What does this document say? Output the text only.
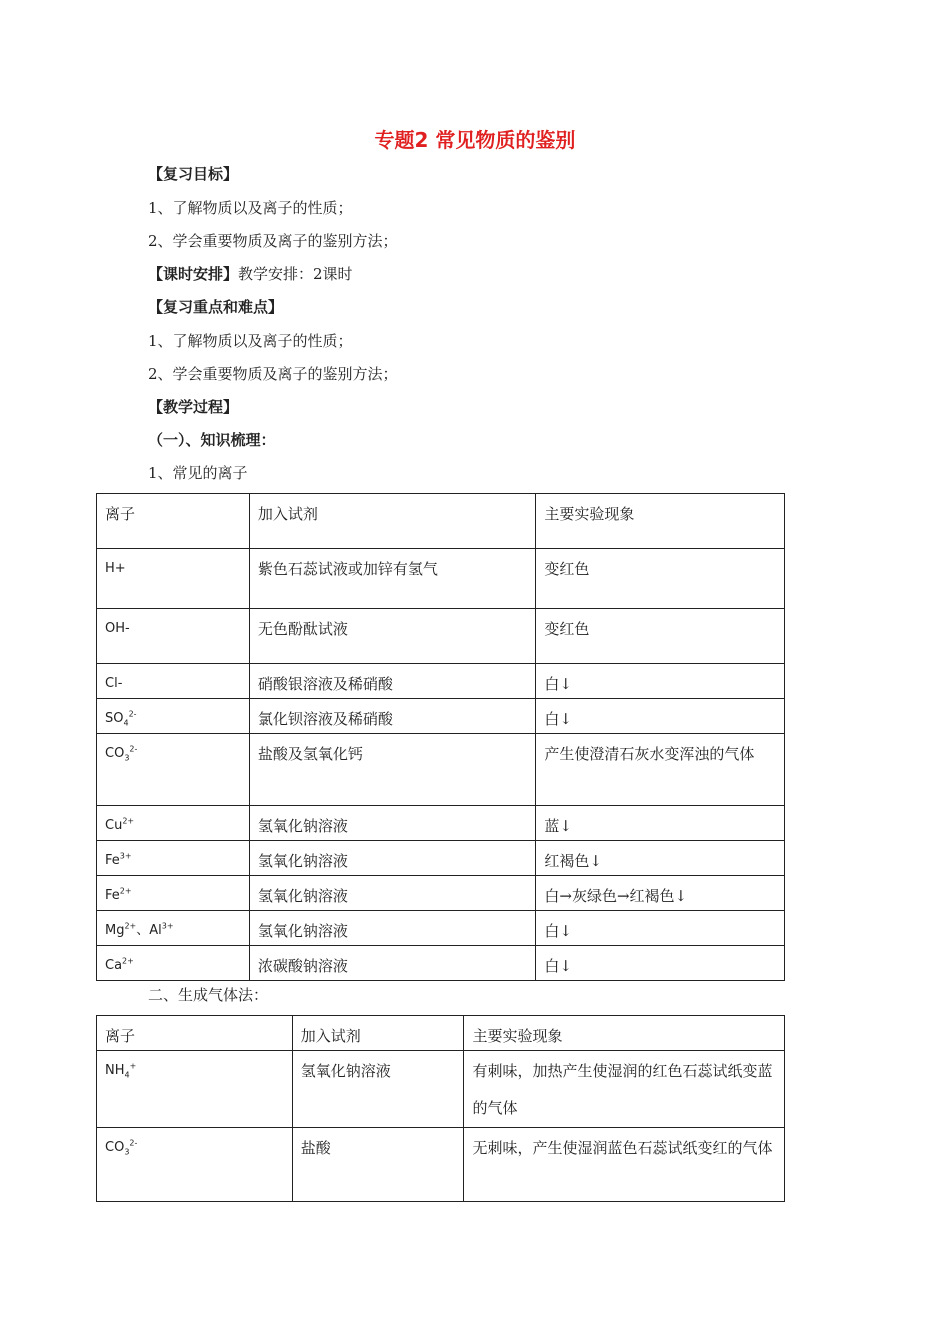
专题2 常见物质的鉴别
【复习目标】
1、了解物质以及离子的性质；
2、学会重要物质及离子的鉴别方法；
【课时安排】教学安排：2课时
【复习重点和难点】
1、了解物质以及离子的性质；
2、学会重要物质及离子的鉴别方法；
【教学过程】
（一）、知识梳理：
1、常见的离子
离子	加入试剂	主要实验现象
H+	紫色石蕊试液或加锌有氢气	变红色
OH-	无色酚酞试液	变红色
Cl-	硝酸银溶液及稀硝酸	白↓
$SO_4^{2-}$	氯化钡溶液及稀硝酸	白↓
$CO_3^{2-}$	盐酸及氢氧化钙	产生使澄清石灰水变浑浊的气体
$Cu^{2+}$	氢氧化钠溶液	蓝↓
$Fe^{3+}$	氢氧化钠溶液	红褐色↓
$Fe^{2+}$	氢氧化钠溶液	白→灰绿色→红褐色↓
$Mg^{2+}$、$Al^{3+}$	氢氧化钠溶液	白↓
$Ca^{2+}$	浓碳酸钠溶液	白↓
二、生成气体法：
离子	加入试剂	主要实验现象
$NH_4^+$	氢氧化钠溶液	有刺味，加热产生使湿润的红色石蕊试纸变蓝的气体
$CO_3^{2-}$	盐酸	无刺味，产生使湿润蓝色石蕊试纸变红的气体
